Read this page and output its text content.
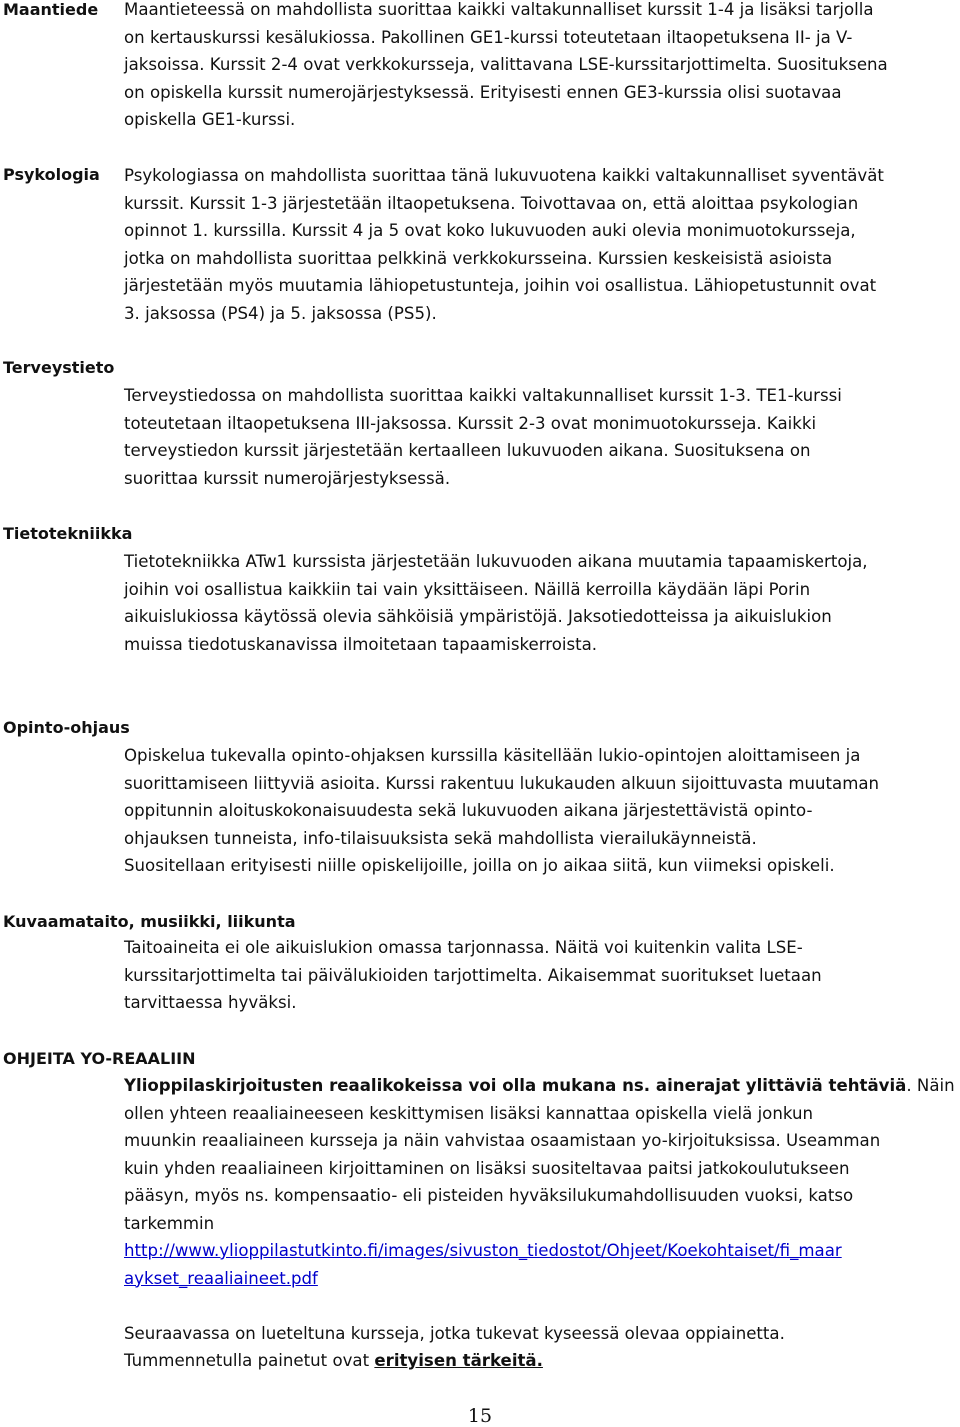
Maantiede Maantieteessä on mahdollista suorittaa kaikki valtakunnalliset kurssit 1-4 ja lisäksi tarjolla
on kertauskurssi kesälukiossa. Pakollinen GE1-kurssi toteutetaan iltaopetuksena II- ja V-
jaksoissa. Kurssit 2-4 ovat verkkokursseja, valittavana LSE-kurssitarjottimelta. Suosituksena
on opiskella kurssit numerojärjestyksessä. Erityisesti ennen GE3-kurssia olisi suotavaa
opiskella GE1-kurssi.

Psykologia Psykologiassa on mahdollista suorittaa tänä lukuvuotena kaikki valtakunnalliset syventävät
kurssit. Kurssit 1-3 järjestetään iltaopetuksena. Toivottavaa on, että aloittaa psykologian
opinnot 1. kurssilla. Kurssit 4 ja 5 ovat koko lukuvuoden auki olevia monimuotokursseja,
jotka on mahdollista suorittaa pelkkinä verkkokursseina. Kurssien keskeisistä asioista
järjestetään myös muutamia lähiopetustunteja, joihin voi osallistua. Lähiopetustunnit ovat
3. jaksossa (PS4) ja 5. jaksossa (PS5).

Terveystieto

Terveystiedossa on mahdollista suorittaa kaikki valtakunnalliset kurssit 1-3. TE1-kurssi
toteutetaan iltaopetuksena III-jaksossa. Kurssit 2-3 ovat monimuotokursseja. Kaikki
terveystiedon kurssit järjestetään kertaalleen lukuvuoden aikana. Suosituksena on
suorittaa kurssit numerojärjestyksessä.

Tietotekniikka

Tietotekniikka ATw1 kurssista järjestetään lukuvuoden aikana muutamia tapaamiskertoja,
joihin voi osallistua kaikkiin tai vain yksittäiseen. Näillä kerroilla käydään läpi Porin
aikuislukiossa käytössä olevia sähköisiä ympäristöjä. Jaksotiedotteissa ja aikuislukion
muissa tiedotuskanavissa ilmoitetaan tapaamiskerroista.

Opinto-ohjaus

Opiskelua tukevalla opinto-ohjaksen kurssilla käsitellään lukio-opintojen aloittamiseen ja
suorittamiseen liittyviä asioita. Kurssi rakentuu lukukauden alkuun sijoittuvasta muutaman
oppitunnin aloituskokonaisuudesta sekä lukuvuoden aikana järjestettävistä opinto-
ohjauksen tunneista, info-tilaisuuksista sekä mahdollista vierailukäynneistä.
Suositellaan erityisesti niille opiskelijoille, joilla on jo aikaa siitä, kun viimeksi opiskeli.

Kuvaamataito, musiikki, liikunta

Taitoaineita ei ole aikuislukion omassa tarjonnassa. Näitä voi kuitenkin valita LSE-
kurssitarjottimelta tai päivälukioiden tarjottimelta. Aikaisemmat suoritukset luetaan
tarvittaessa hyväksi.

OHJEITA YO-REAALIIN

Ylioppilaskirjoitusten reaalikokeissa voi olla mukana ns. ainerajat ylittäviä tehtäviä. Näin
ollen yhteen reaaliaineeseen keskittymisen lisäksi kannattaa opiskella vielä jonkun
muunkin reaaliaineen kursseja ja näin vahvistaa osaamistaan yo-kirjoituksissa. Useamman
kuin yhden reaaliaineen kirjoittaminen on lisäksi suositeltavaa paitsi jatkokoulutukseen
pääsyn, myös ns. kompensaatio- eli pisteiden hyväksilukumahdollisuuden vuoksi, katso
tarkemmin
http://www.ylioppilastutkinto.fi/images/sivuston_tiedostot/Ohjeet/Koekohtaiset/fi_maar
aykset_reaaliaineet.pdf

Seuraavassa on lueteltuna kursseja, jotka tukevat kyseessä olevaa oppiainetta.
Tummennetulla painetut ovat erityisen tärkeitä.

15
